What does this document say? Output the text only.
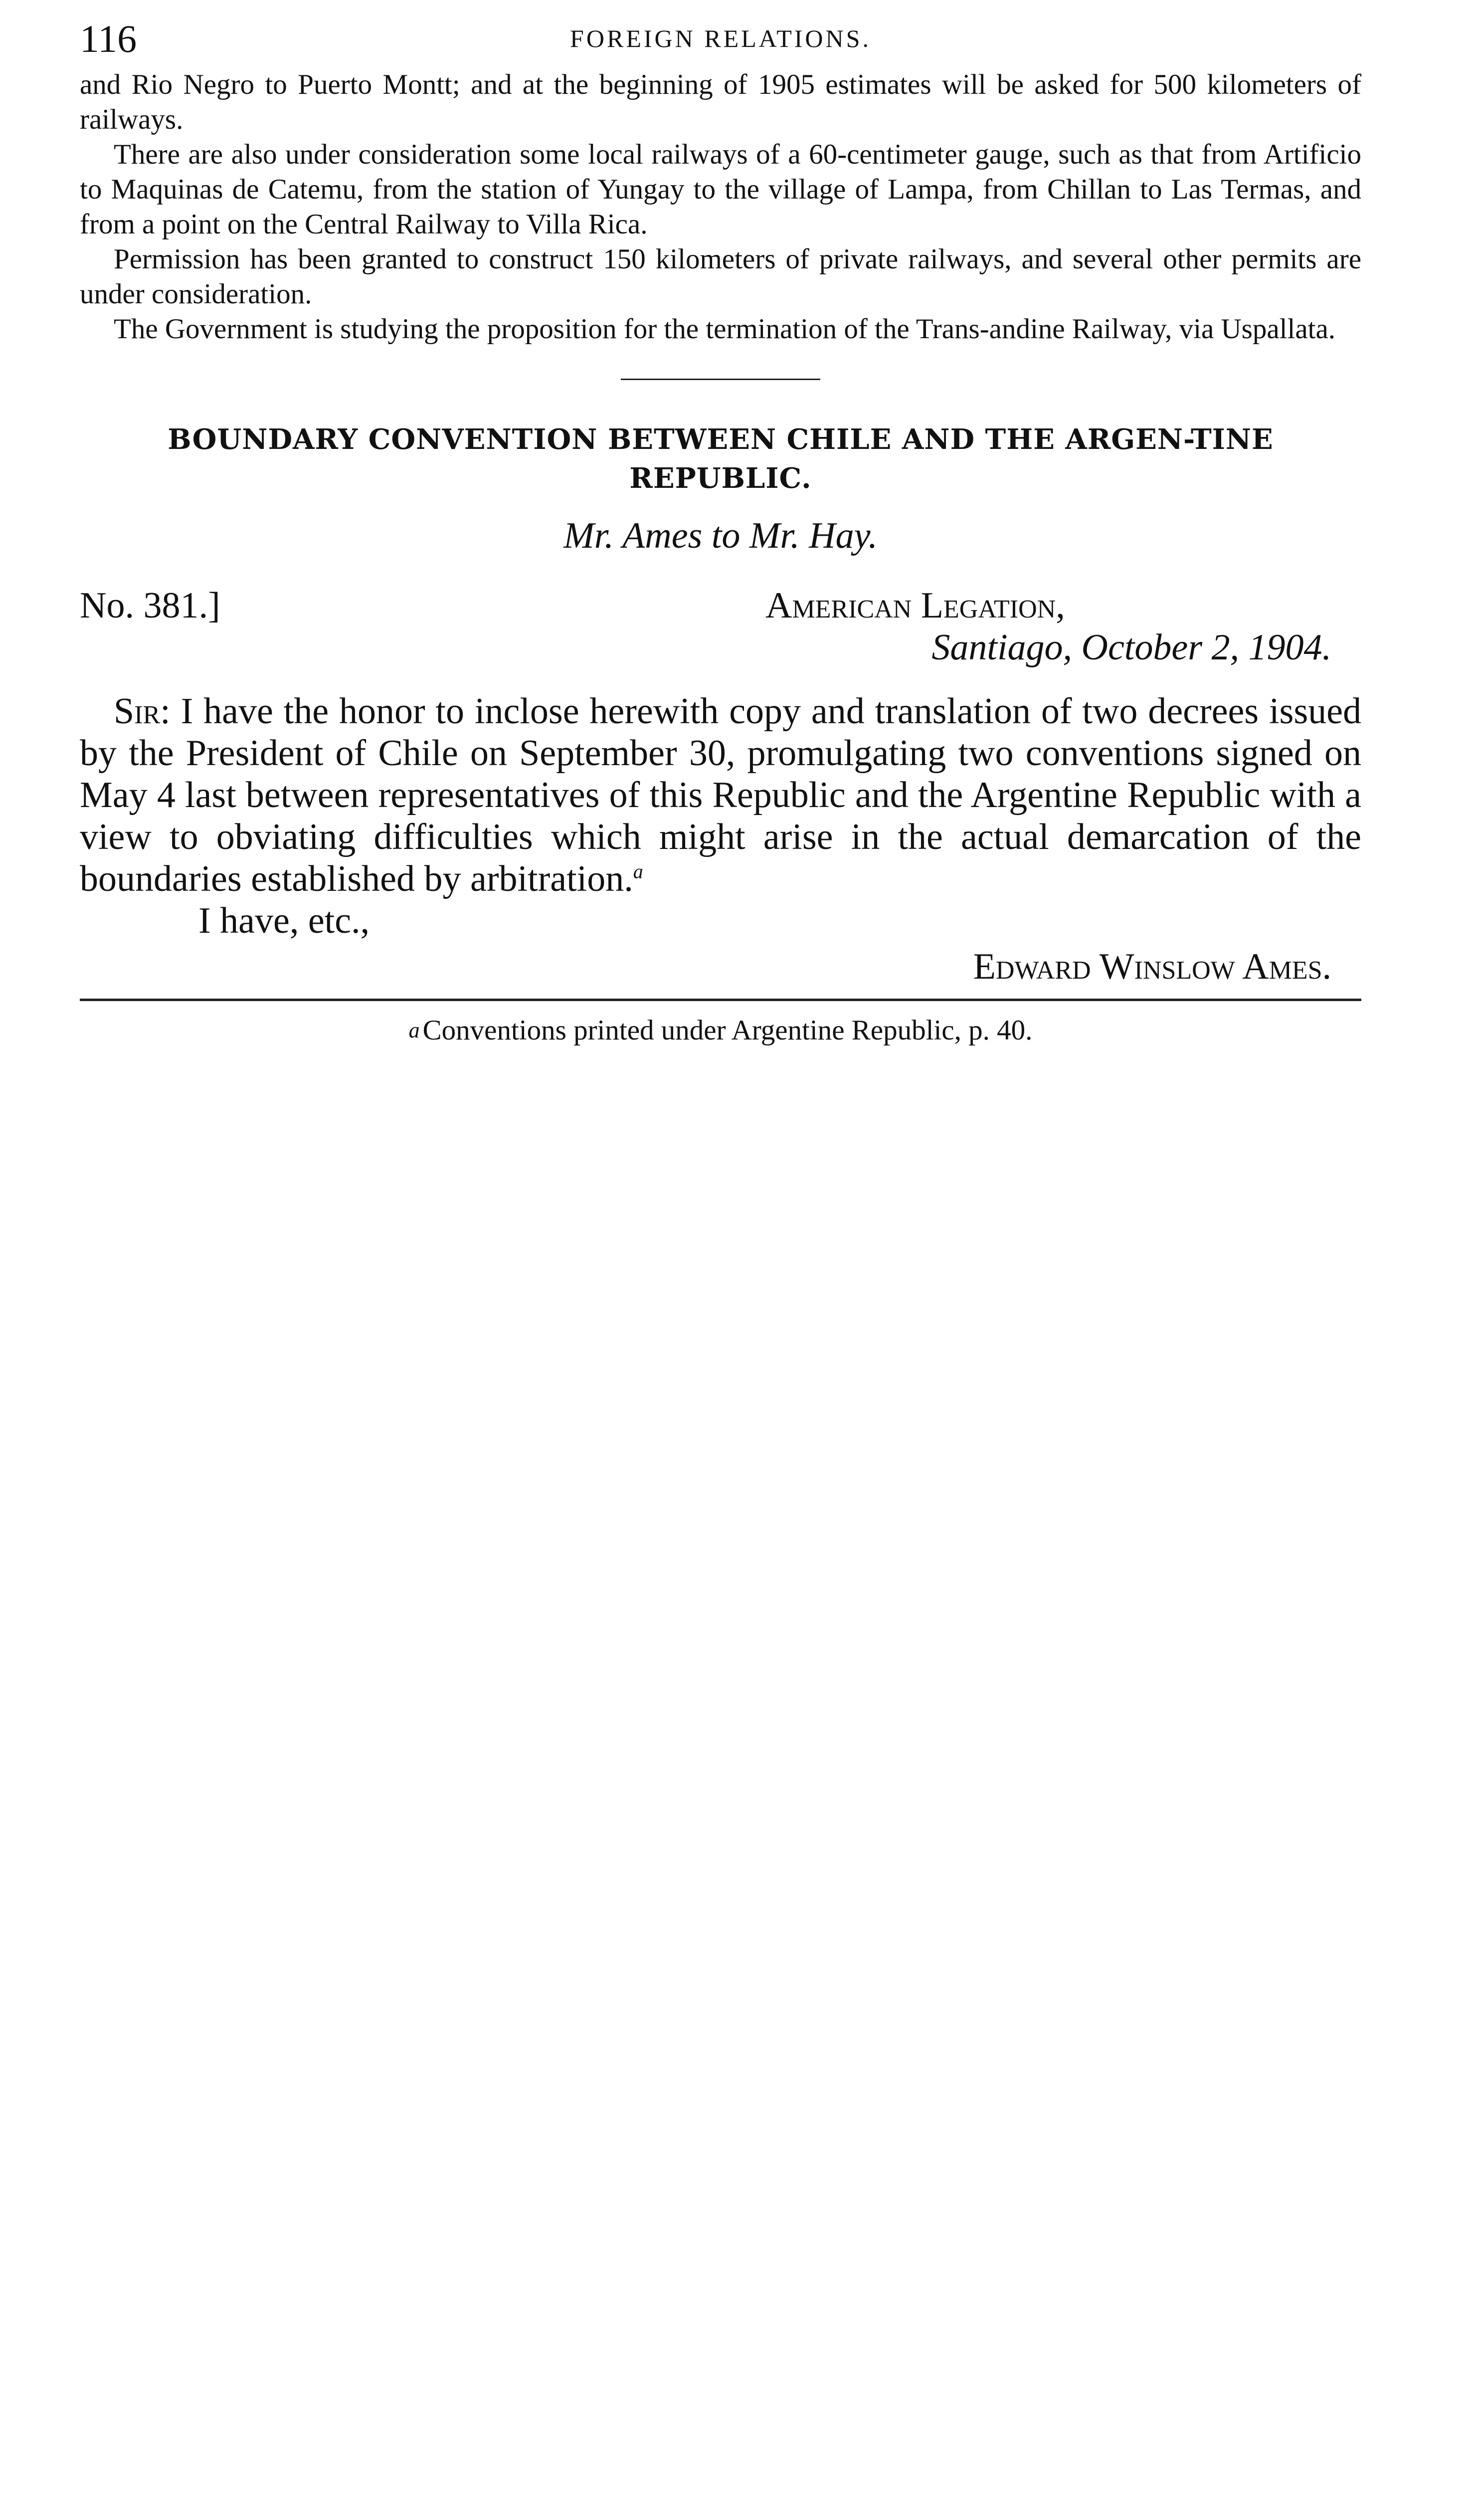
116	FOREIGN RELATIONS.

and Rio Negro to Puerto Montt; and at the beginning of 1905 estimates will be asked for 500 kilometers of railways.

There are also under consideration some local railways of a 60-centimeter gauge, such as that from Artificio to Maquinas de Catemu, from the station of Yungay to the village of Lampa, from Chillan to Las Termas, and from a point on the Central Railway to Villa Rica.

Permission has been granted to construct 150 kilometers of private railways, and several other permits are under consideration.

The Government is studying the proposition for the termination of the Trans-andine Railway, via Uspallata.

BOUNDARY CONVENTION BETWEEN CHILE AND THE ARGEN-TINE REPUBLIC.

Mr. Ames to Mr. Hay.

No. 381.]	American Legation,
Santiago, October 2, 1904.

Sir: I have the honor to inclose herewith copy and translation of two decrees issued by the President of Chile on September 30, promulgating two conventions signed on May 4 last between representatives of this Republic and the Argentine Republic with a view to obviating difficulties which might arise in the actual demarcation of the boundaries established by arbitration.$^a$

I have, etc.,

Edward Winslow Ames.

$^a$ Conventions printed under Argentine Republic, p. 40.
